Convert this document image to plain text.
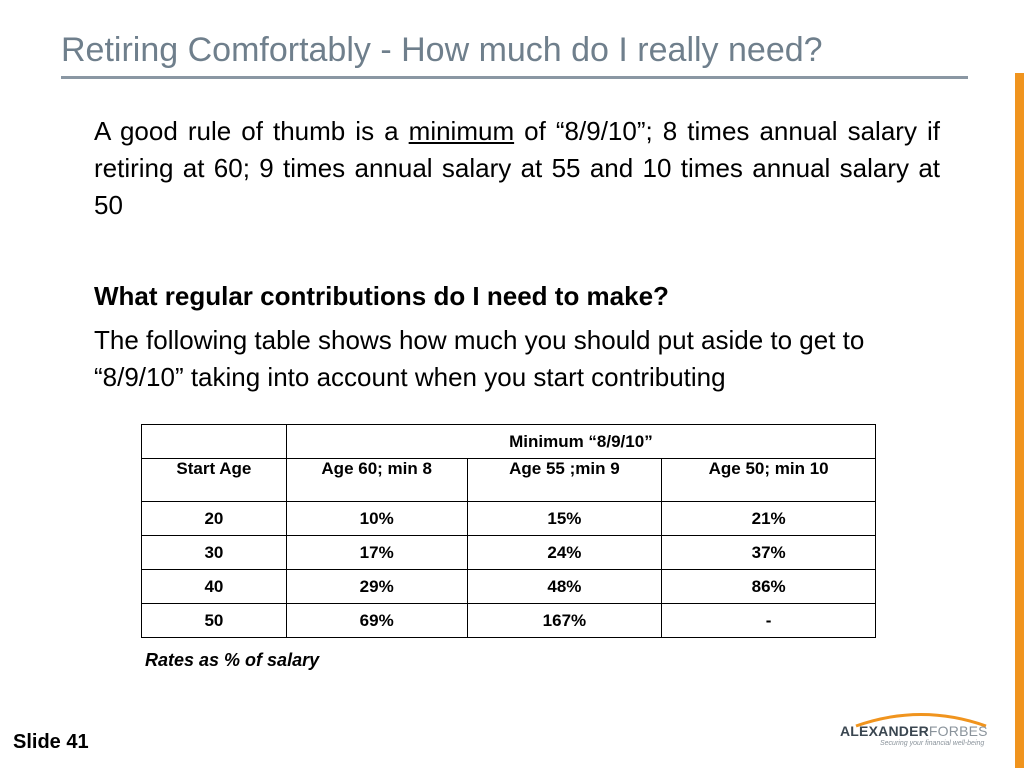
Retiring Comfortably - How much do I really need?
A good rule of thumb is a minimum of “8/9/10”; 8 times annual salary if retiring at 60; 9 times annual salary at 55 and 10 times annual salary at 50
What regular contributions do I need to make?
The following table shows how much you should put aside to get to “8/9/10” taking into account when you start contributing
	Minimum “8/9/10”		
Start Age	Age 60; min 8	Age 55 ;min 9	Age 50; min 10
20	10%	15%	21%
30	17%	24%	37%
40	29%	48%	86%
50	69%	167%	-
Rates as % of salary
Slide 41	ALEXANDERFORBES
Securing your financial well-being
